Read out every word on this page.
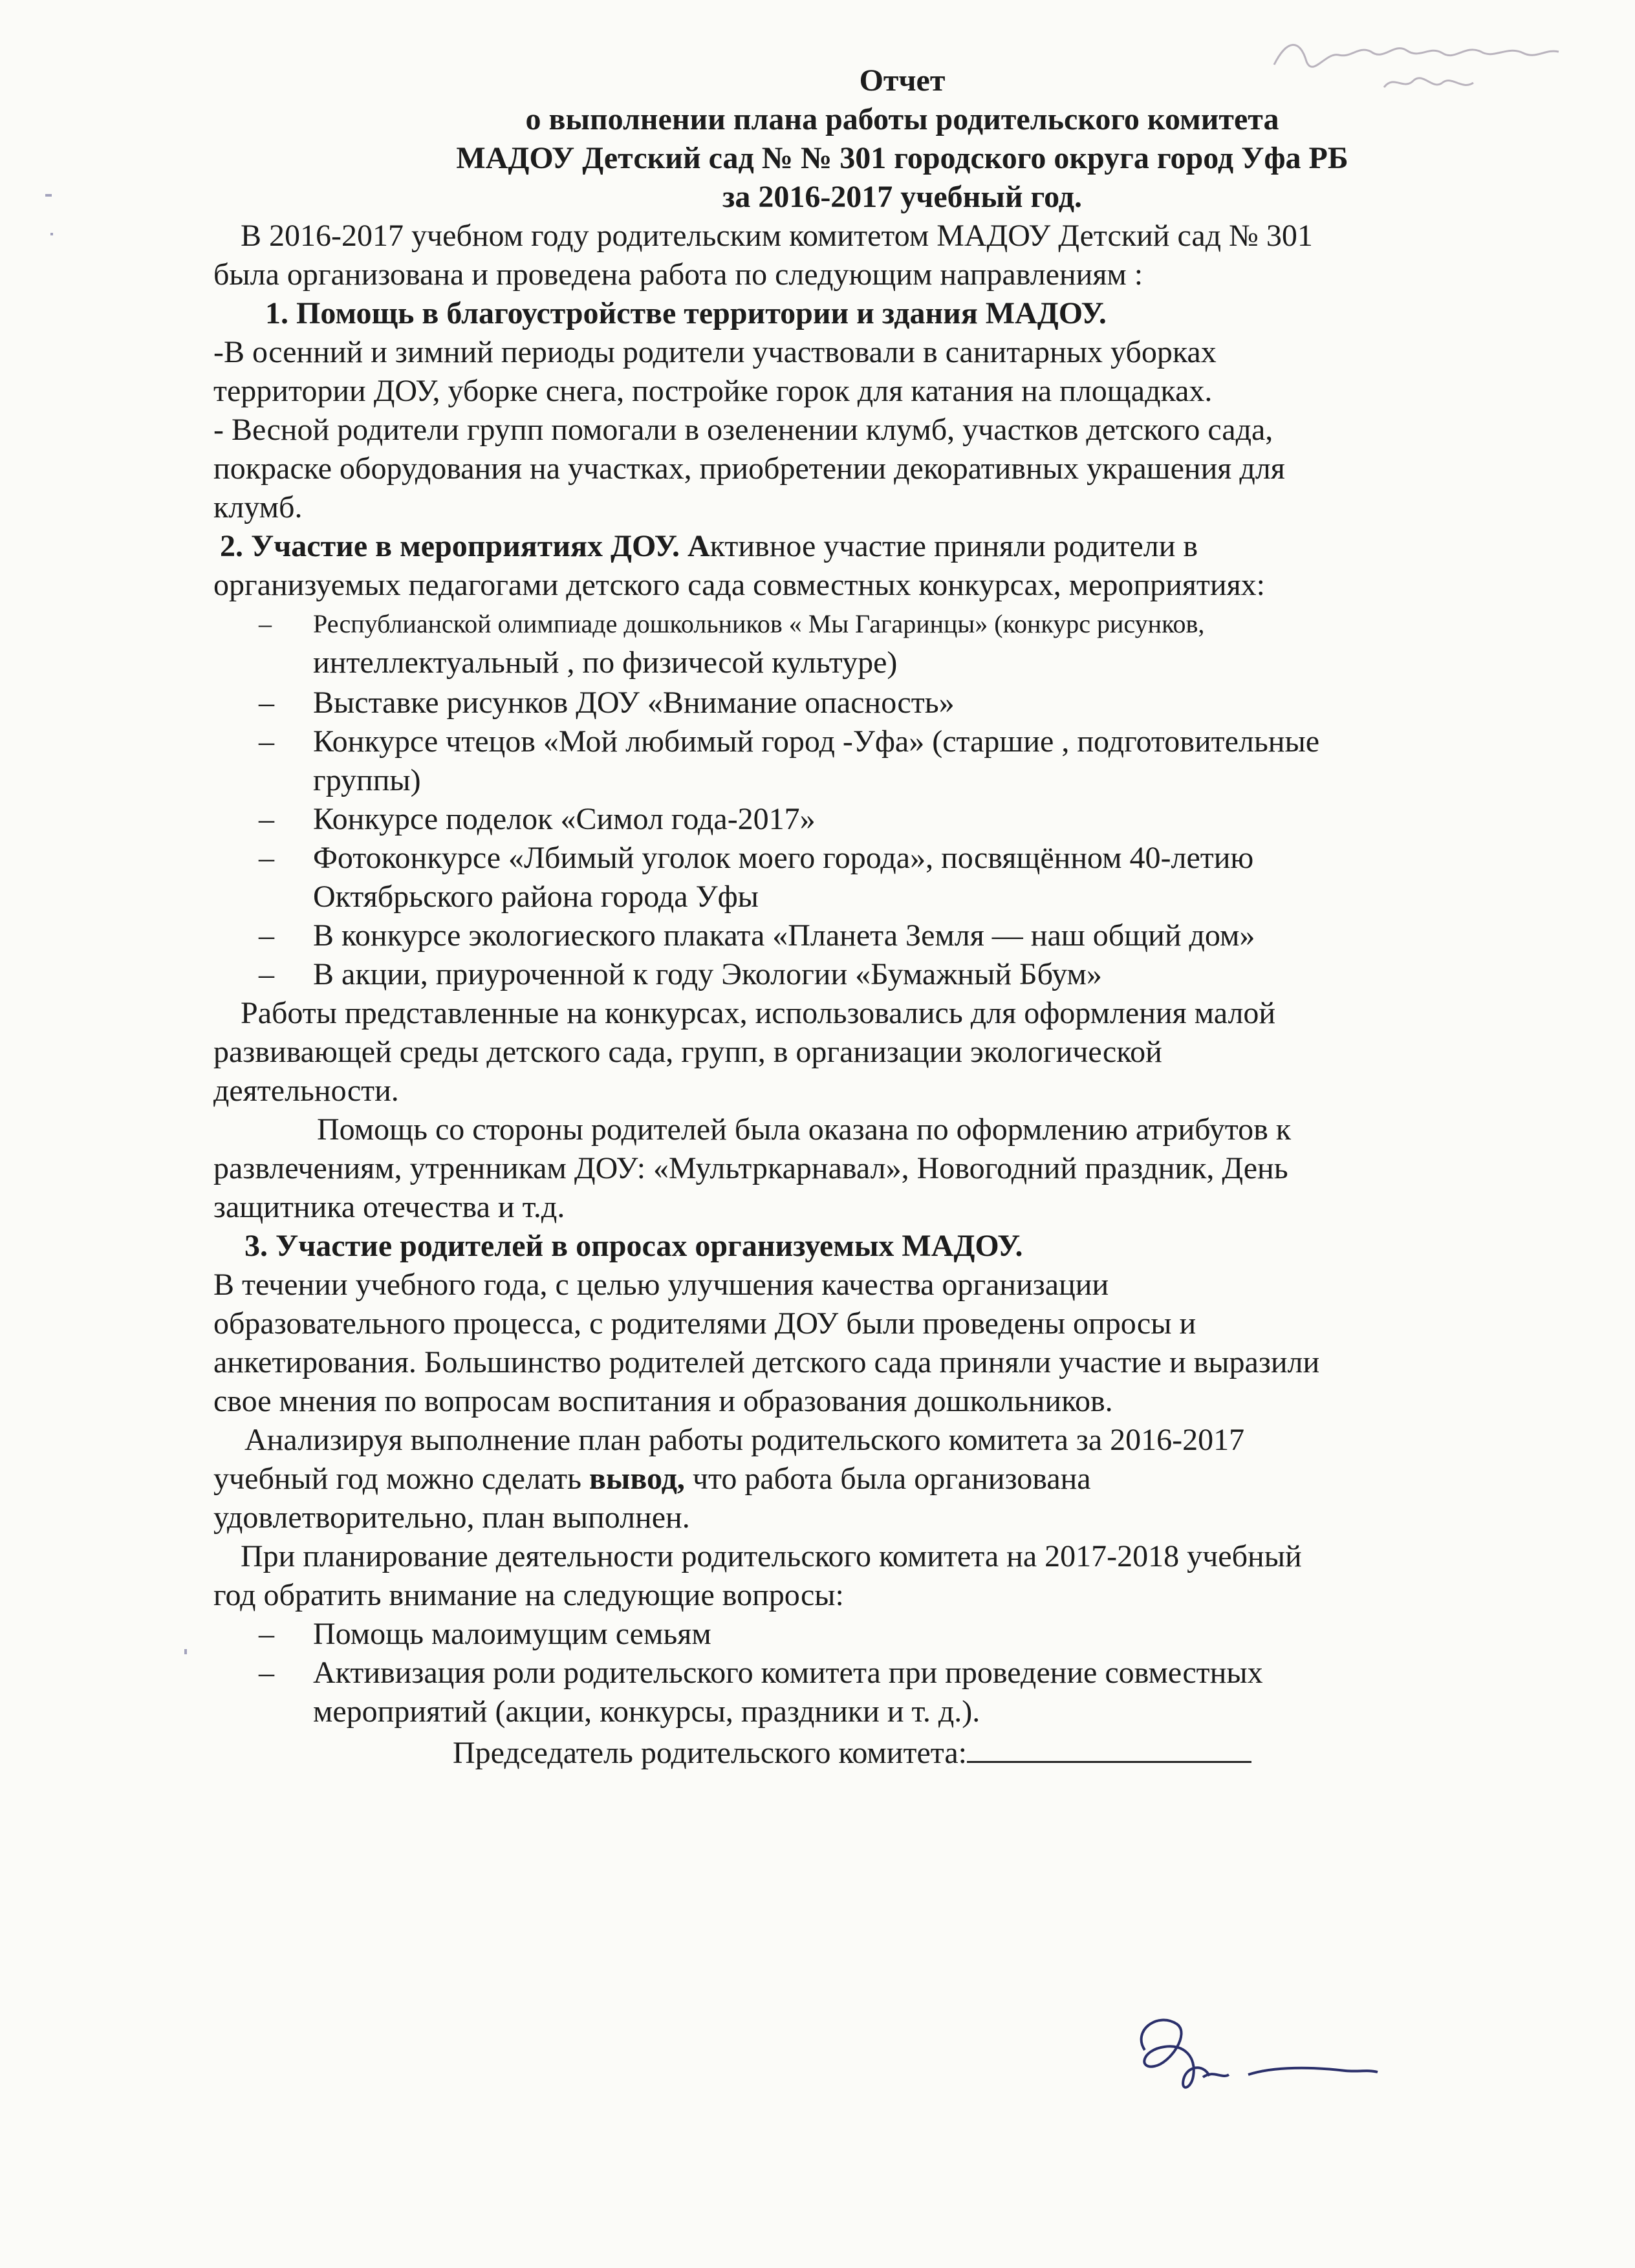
Отчет

о выполнении плана работы родительского комитета

МАДОУ Детский сад № № 301 городского округа город Уфа РБ

за 2016-2017 учебный год.

В 2016-2017 учебном году родительским комитетом МАДОУ Детский сад № 301

была организована и проведена работа по следующим направлениям :

1. Помощь в благоустройстве территории и здания МАДОУ.

-В осенний и зимний периоды родители участвовали в санитарных уборках

территории ДОУ, уборке снега, постройке горок для катания на площадках.

- Весной родители групп помогали в озеленении клумб, участков детского сада,

покраске оборудования на участках, приобретении декоративных украшения для

клумб.

2. Участие в мероприятиях ДОУ. Активное участие приняли родители в

организуемых педагогами детского сада совместных конкурсах, мероприятиях:

– Республианской олимпиаде дошкольников « Мы Гагаринцы» (конкурс рисунков,
интеллектуальный , по физичесой культуре)
– Выставке рисунков ДОУ «Внимание опасность»
– Конкурсе чтецов «Мой любимый город -Уфа» (старшие , подготовительные
группы)
– Конкурсе поделок «Симол года-2017»
– Фотоконкурсе «Лбимый уголок моего города», посвящённом 40-летию
Октябрьского района города Уфы
– В конкурсе экологиеского плаката «Планета Земля — наш общий дом»
– В акции, приуроченной к году Экологии «Бумажный Ббум»

Работы представленные на конкурсах, использовались для оформления малой

развивающей среды детского сада, групп, в организации экологической

деятельности.

Помощь со стороны родителей была оказана по оформлению атрибутов к

развлечениям, утренникам ДОУ: «Мультркарнавал», Новогодний праздник, День

защитника отечества и т.д.

3. Участие родителей в опросах организуемых МАДОУ.

В течении учебного года, с целью улучшения качества организации

образовательного процесса, с родителями ДОУ были проведены опросы и

анкетирования. Большинство родителей детского сада приняли участие и выразили

свое мнения по вопросам воспитания и образования дошкольников.

Анализируя выполнение план работы родительского комитета за 2016-2017

учебный год можно сделать вывод, что работа была организована

удовлетворительно, план выполнен.

При планирование деятельности родительского комитета на 2017-2018 учебный

год обратить внимание на следующие вопросы:

– Помощь малоимущим семьям
– Активизация роли родительского комитета при проведение совместных
мероприятий (акции, конкурсы, праздники и т. д.).

Председатель родительского комитета:
